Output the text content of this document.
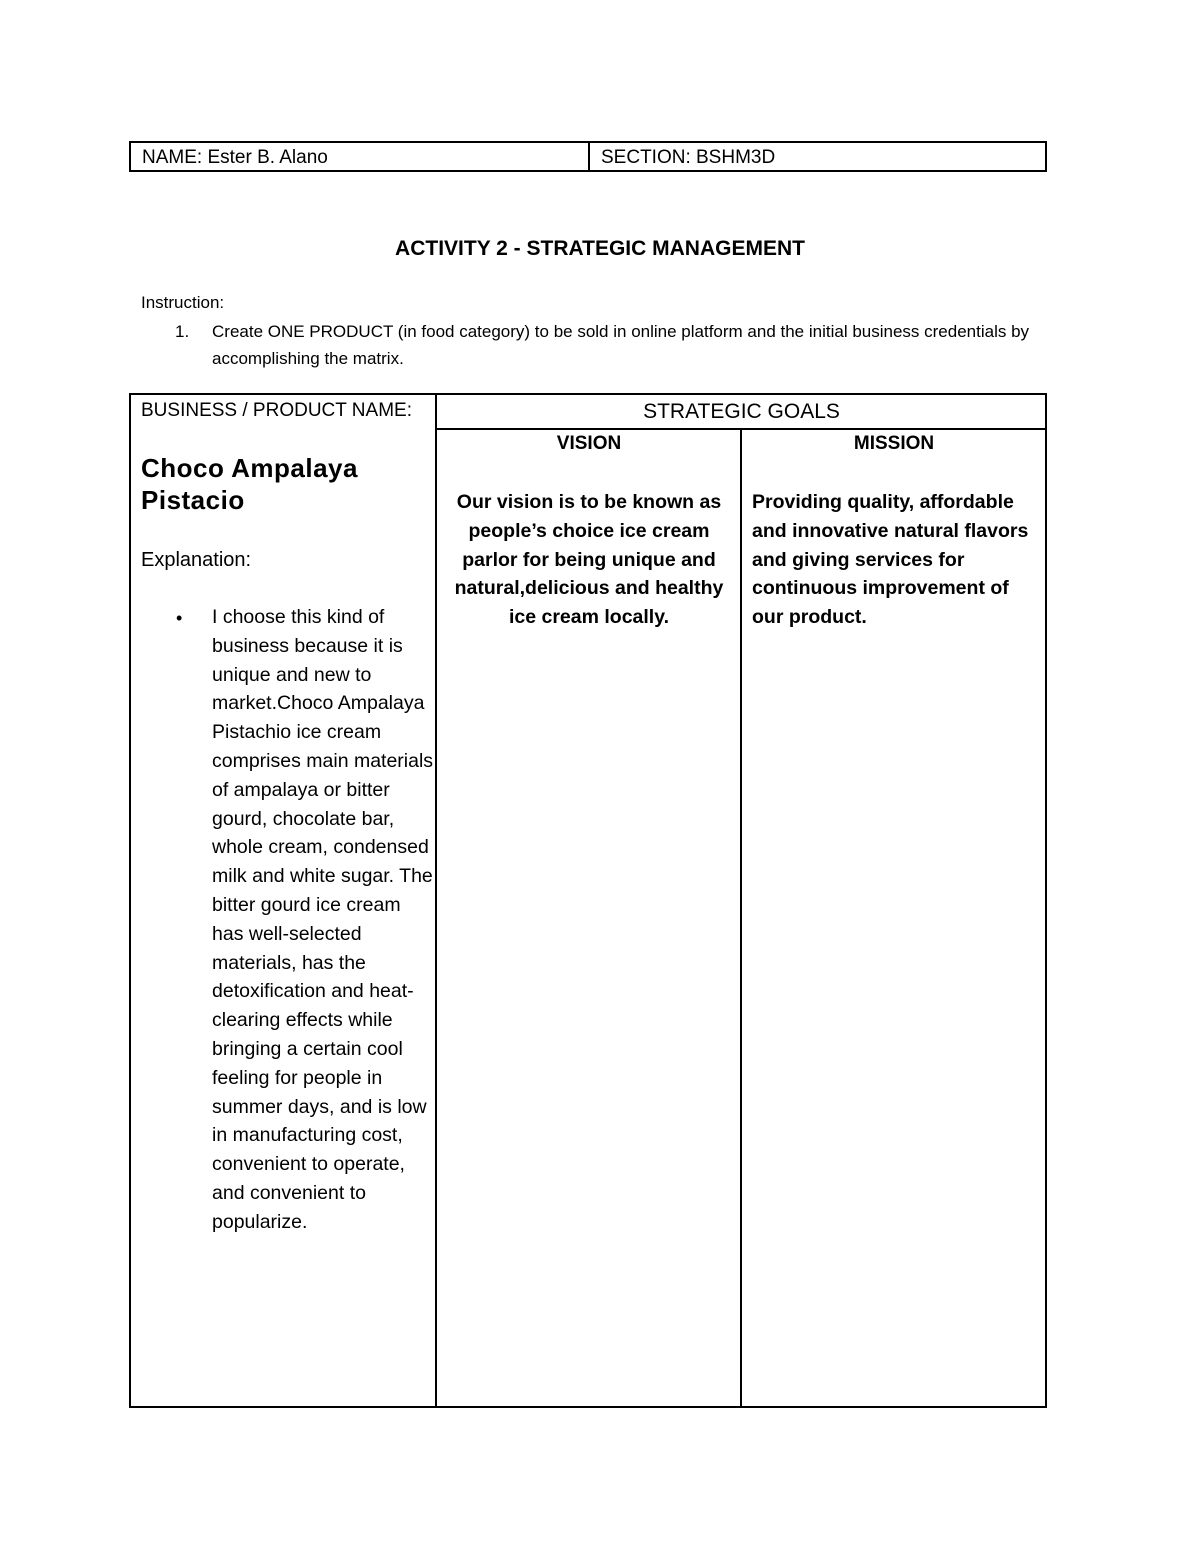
NAME: Ester B. Alano	SECTION: BSHM3D
ACTIVITY 2 - STRATEGIC MANAGEMENT
Instruction:
1. Create ONE PRODUCT (in food category) to be sold in online platform and the initial business credentials by accomplishing the matrix.
BUSINESS / PRODUCT NAME:
Choco Ampalaya Pistacio
Explanation:
• I choose this kind of business because it is unique and new to market.Choco Ampalaya Pistachio ice cream comprises main materials of ampalaya or bitter gourd, chocolate bar, whole cream, condensed milk and white sugar. The bitter gourd ice cream has well-selected materials, has the detoxification and heat-clearing effects while bringing a certain cool feeling for people in summer days, and is low in manufacturing cost, convenient to operate, and convenient to popularize.
STRATEGIC GOALS
VISION	MISSION
Our vision is to be known as people’s choice ice cream parlor for being unique and natural,delicious and healthy ice cream locally.
Providing quality, affordable and innovative natural flavors and giving services for continuous improvement of our product.
